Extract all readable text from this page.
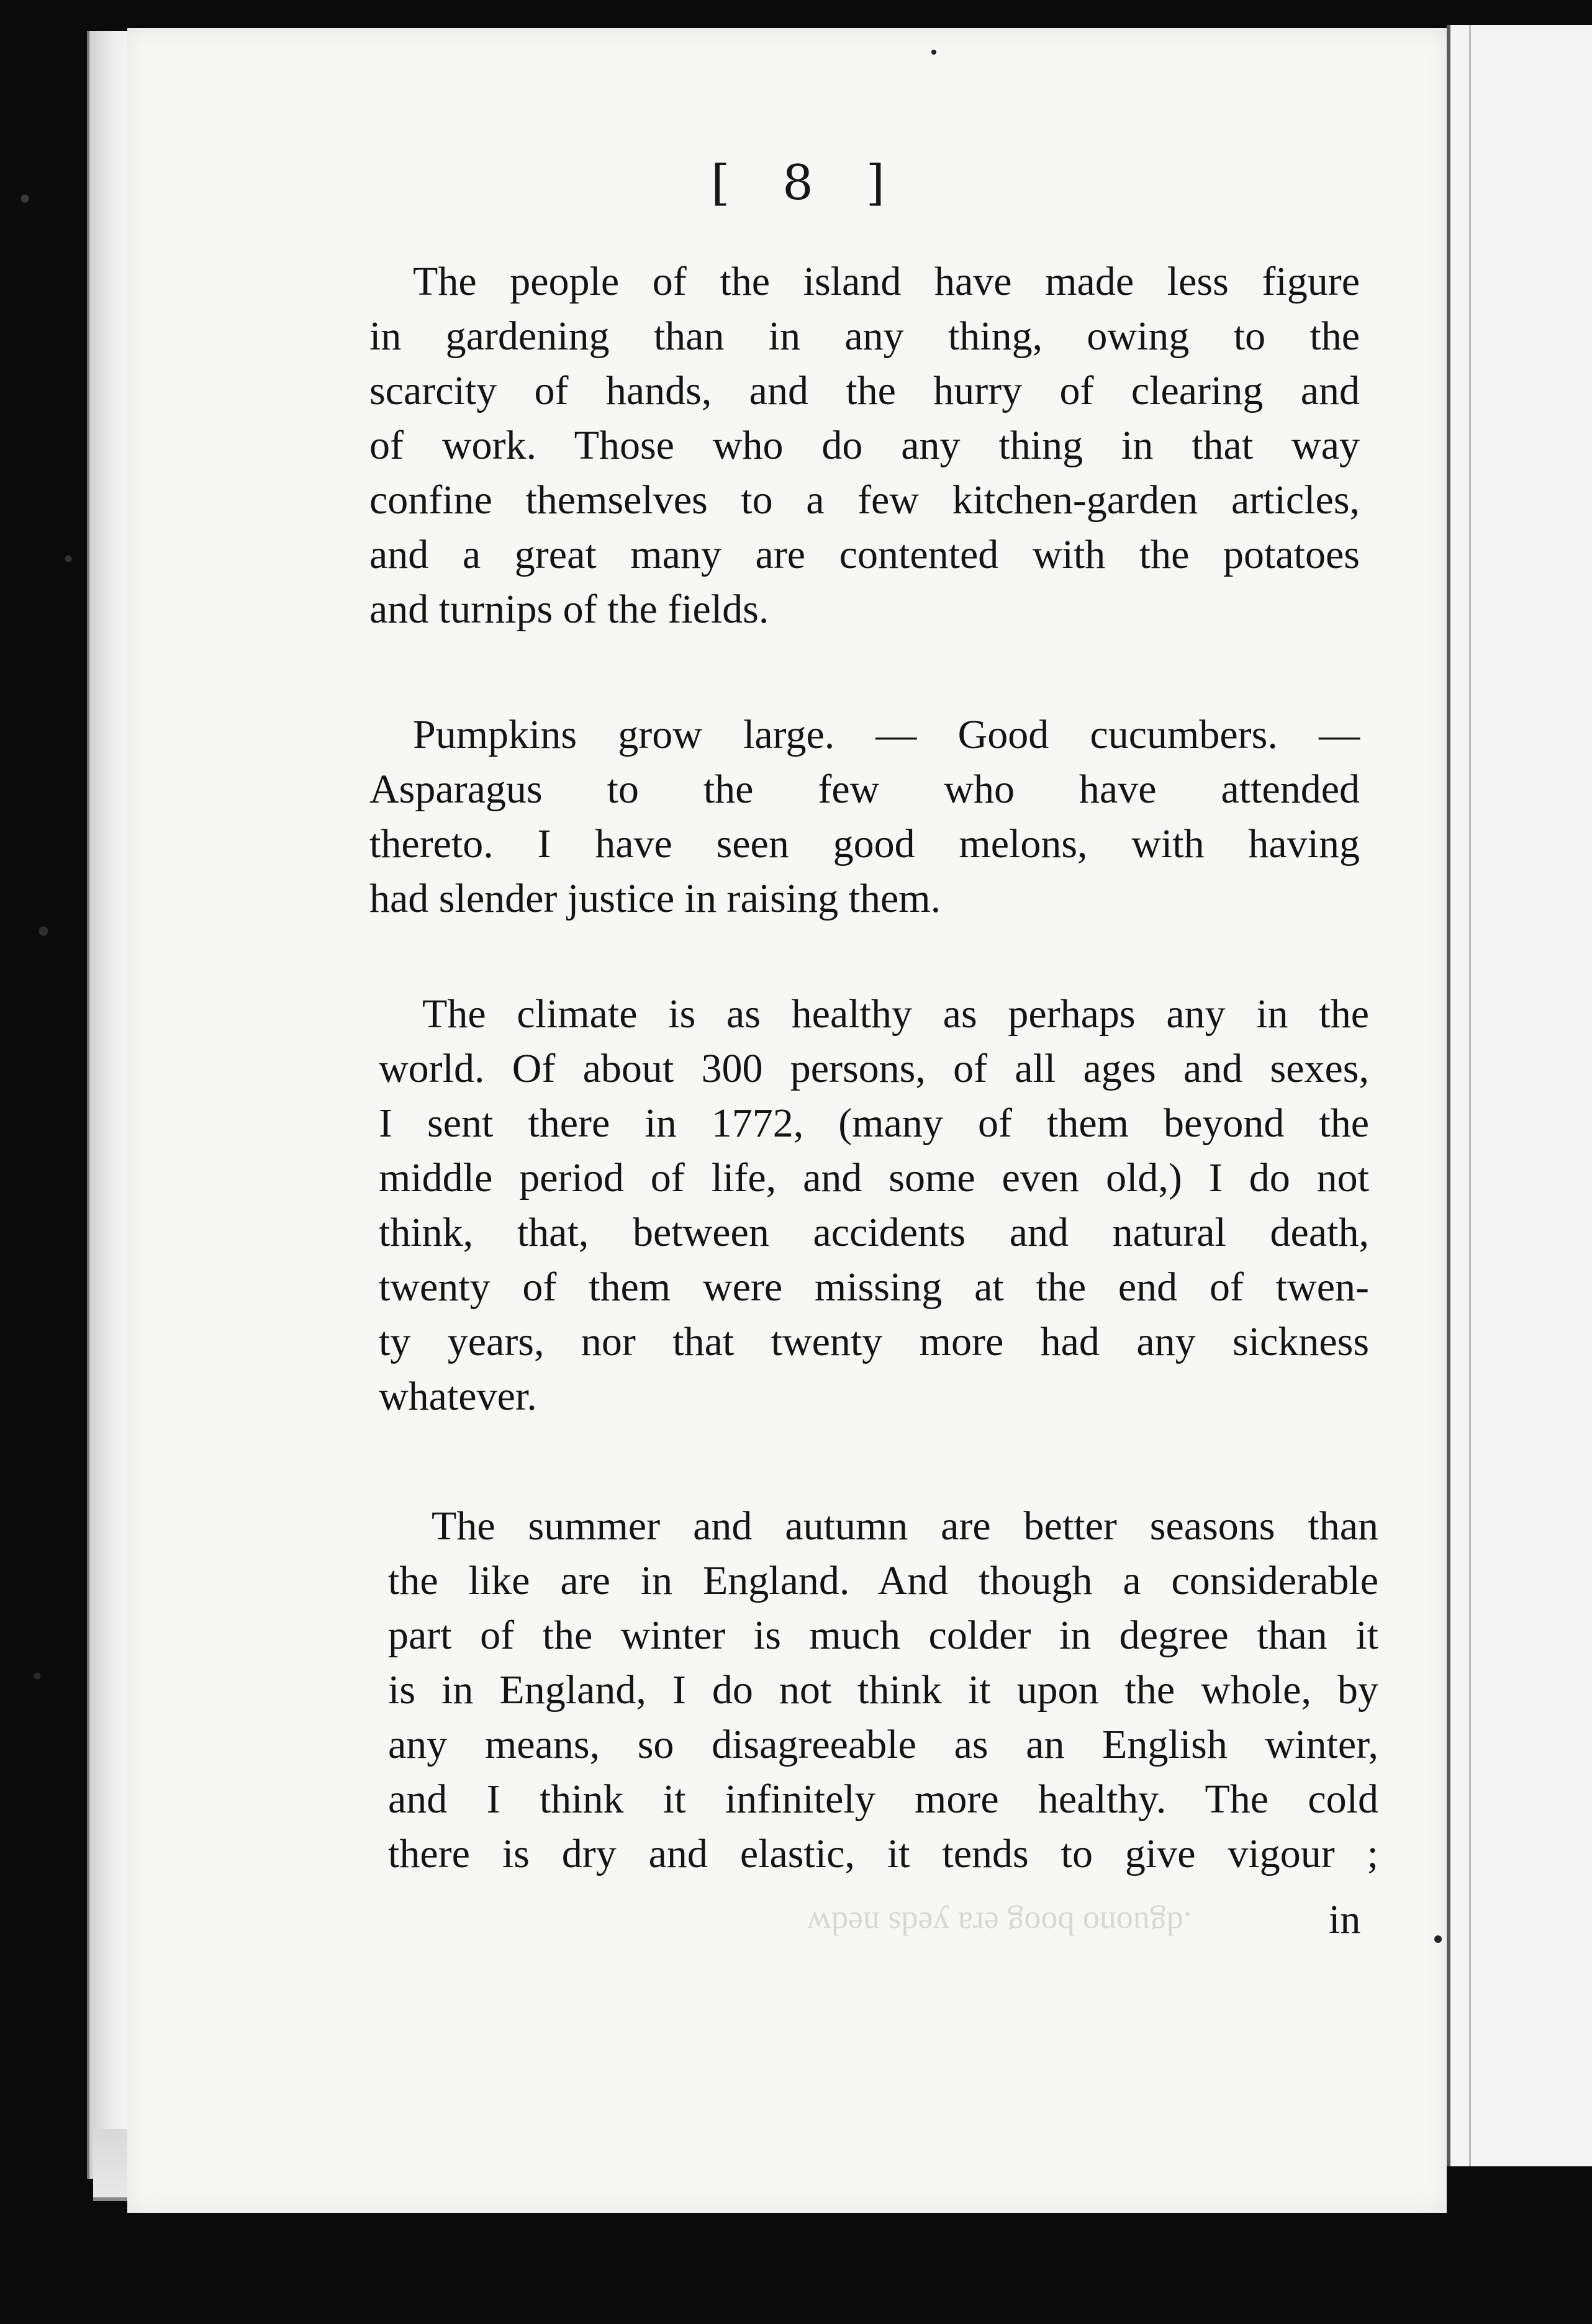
[ 8 ]
The people of the island have made less figure
in gardening than in any thing, owing to the
scarcity of hands, and the hurry of clearing and
of work. Those who do any thing in that way
confine themselves to a few kitchen-garden articles,
and a great many are contented with the potatoes
and turnips of the fields.
Pumpkins grow large. — Good cucumbers. —
Asparagus to the few who have attended
thereto. I have seen good melons, with having
had slender justice in raising them.
The climate is as healthy as perhaps any in the
world. Of about 300 persons, of all ages and sexes,
I sent there in 1772, (many of them beyond the
middle period of life, and some even old,) I do not
think, that, between accidents and natural death,
twenty of them were missing at the end of twen-
ty years, nor that twenty more had any sickness
whatever.
The summer and autumn are better seasons than
the like are in England. And though a considerable
part of the winter is much colder in degree than it
is in England, I do not think it upon the whole, by
any means, so disagreeable as an English winter,
and I think it infinitely more healthy. The cold
there is dry and elastic, it tends to give vigour ;
.dguono boog era yeds nedw	in
